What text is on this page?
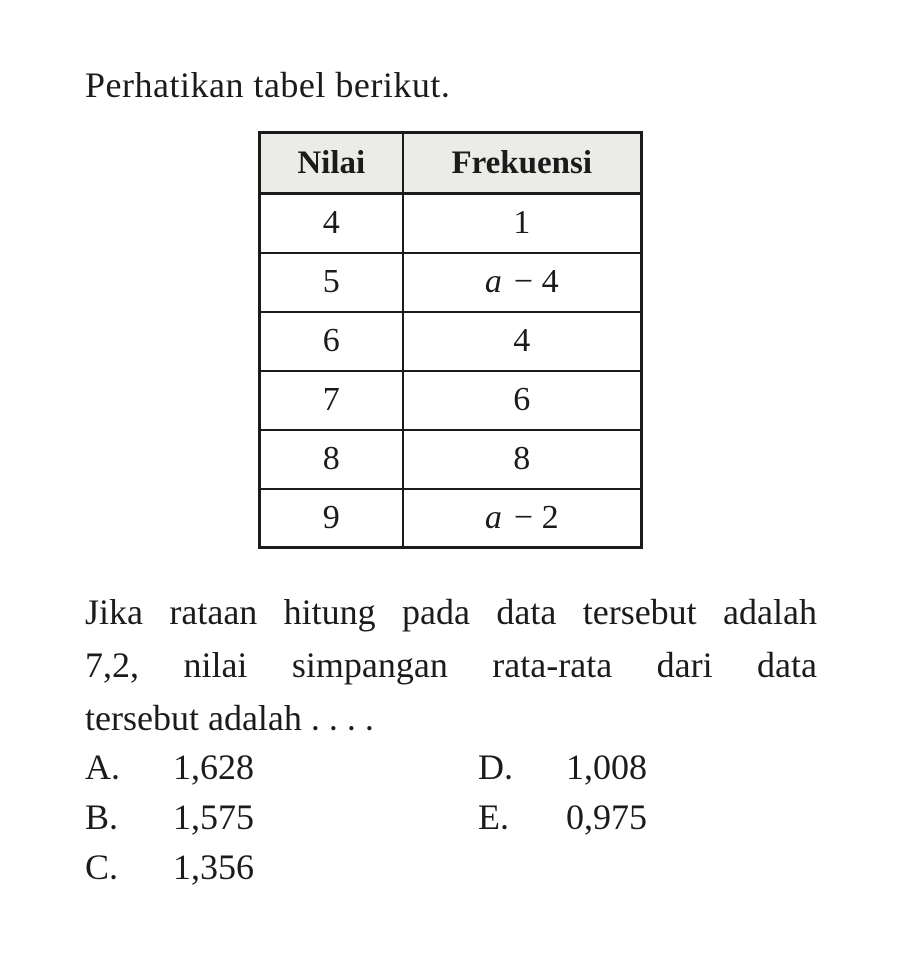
Perhatikan tabel berikut.
Nilai	Frekuensi
4	1
5	a − 4
6	4
7	6
8	8
9	a − 2
Jika rataan hitung pada data tersebut adalah
7,2, nilai simpangan rata-rata dari data
tersebut adalah . . . .
A.	1,628
B.	1,575
C.	1,356
D.	1,008
E.	0,975
